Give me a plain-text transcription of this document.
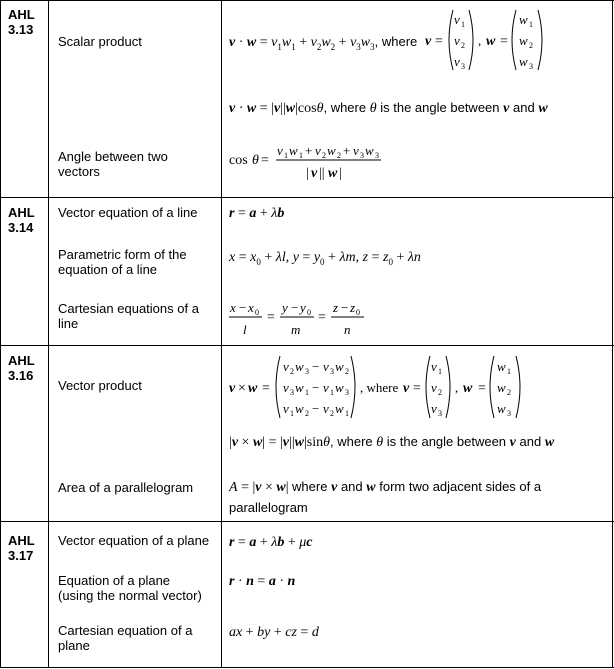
AHL
3.13
Scalar product
Angle between two
vectors
$v \cdot w = v_1w_1 + v_2w_2 + v_3w_3$, where v =
v 1
v 2
v 3
, w =
w 1
w 2
w 3
v · w = |v||w|cosθ, where θ is the angle between v and w
cos θ =
v 1 w 1 + v 2 w 2 + v 3 w 3
| v || w |
AHL
3.14
Vector equation of a line
Parametric form of the
equation of a line
Cartesian equations of a
line
r = a + λb
$x = x_0 + \lambda l$, $y = y_0 + \lambda m$, $z = z_0 + \lambda n$
x − x 0
l
=
y − y 0
m
=
z − z 0
n
AHL
3.16
Vector product
Area of a parallelogram
v × w =
v 2 w 3 − v 3 w 2
v 3 w 1 − v 1 w 3
v 1 w 2 − v 2 w 1
, where v =
v 1
v 2
v 3
, w =
w 1
w 2
w 3
|v × w| = |v||w|sinθ, where θ is the angle between v and w
A = |v × w| where v and w form two adjacent sides of a
parallelogram
AHL
3.17
Vector equation of a plane
Equation of a plane
(using the normal vector)
Cartesian equation of a
plane
r = a + λb + μc
r · n = a · n
ax + by + cz = d
